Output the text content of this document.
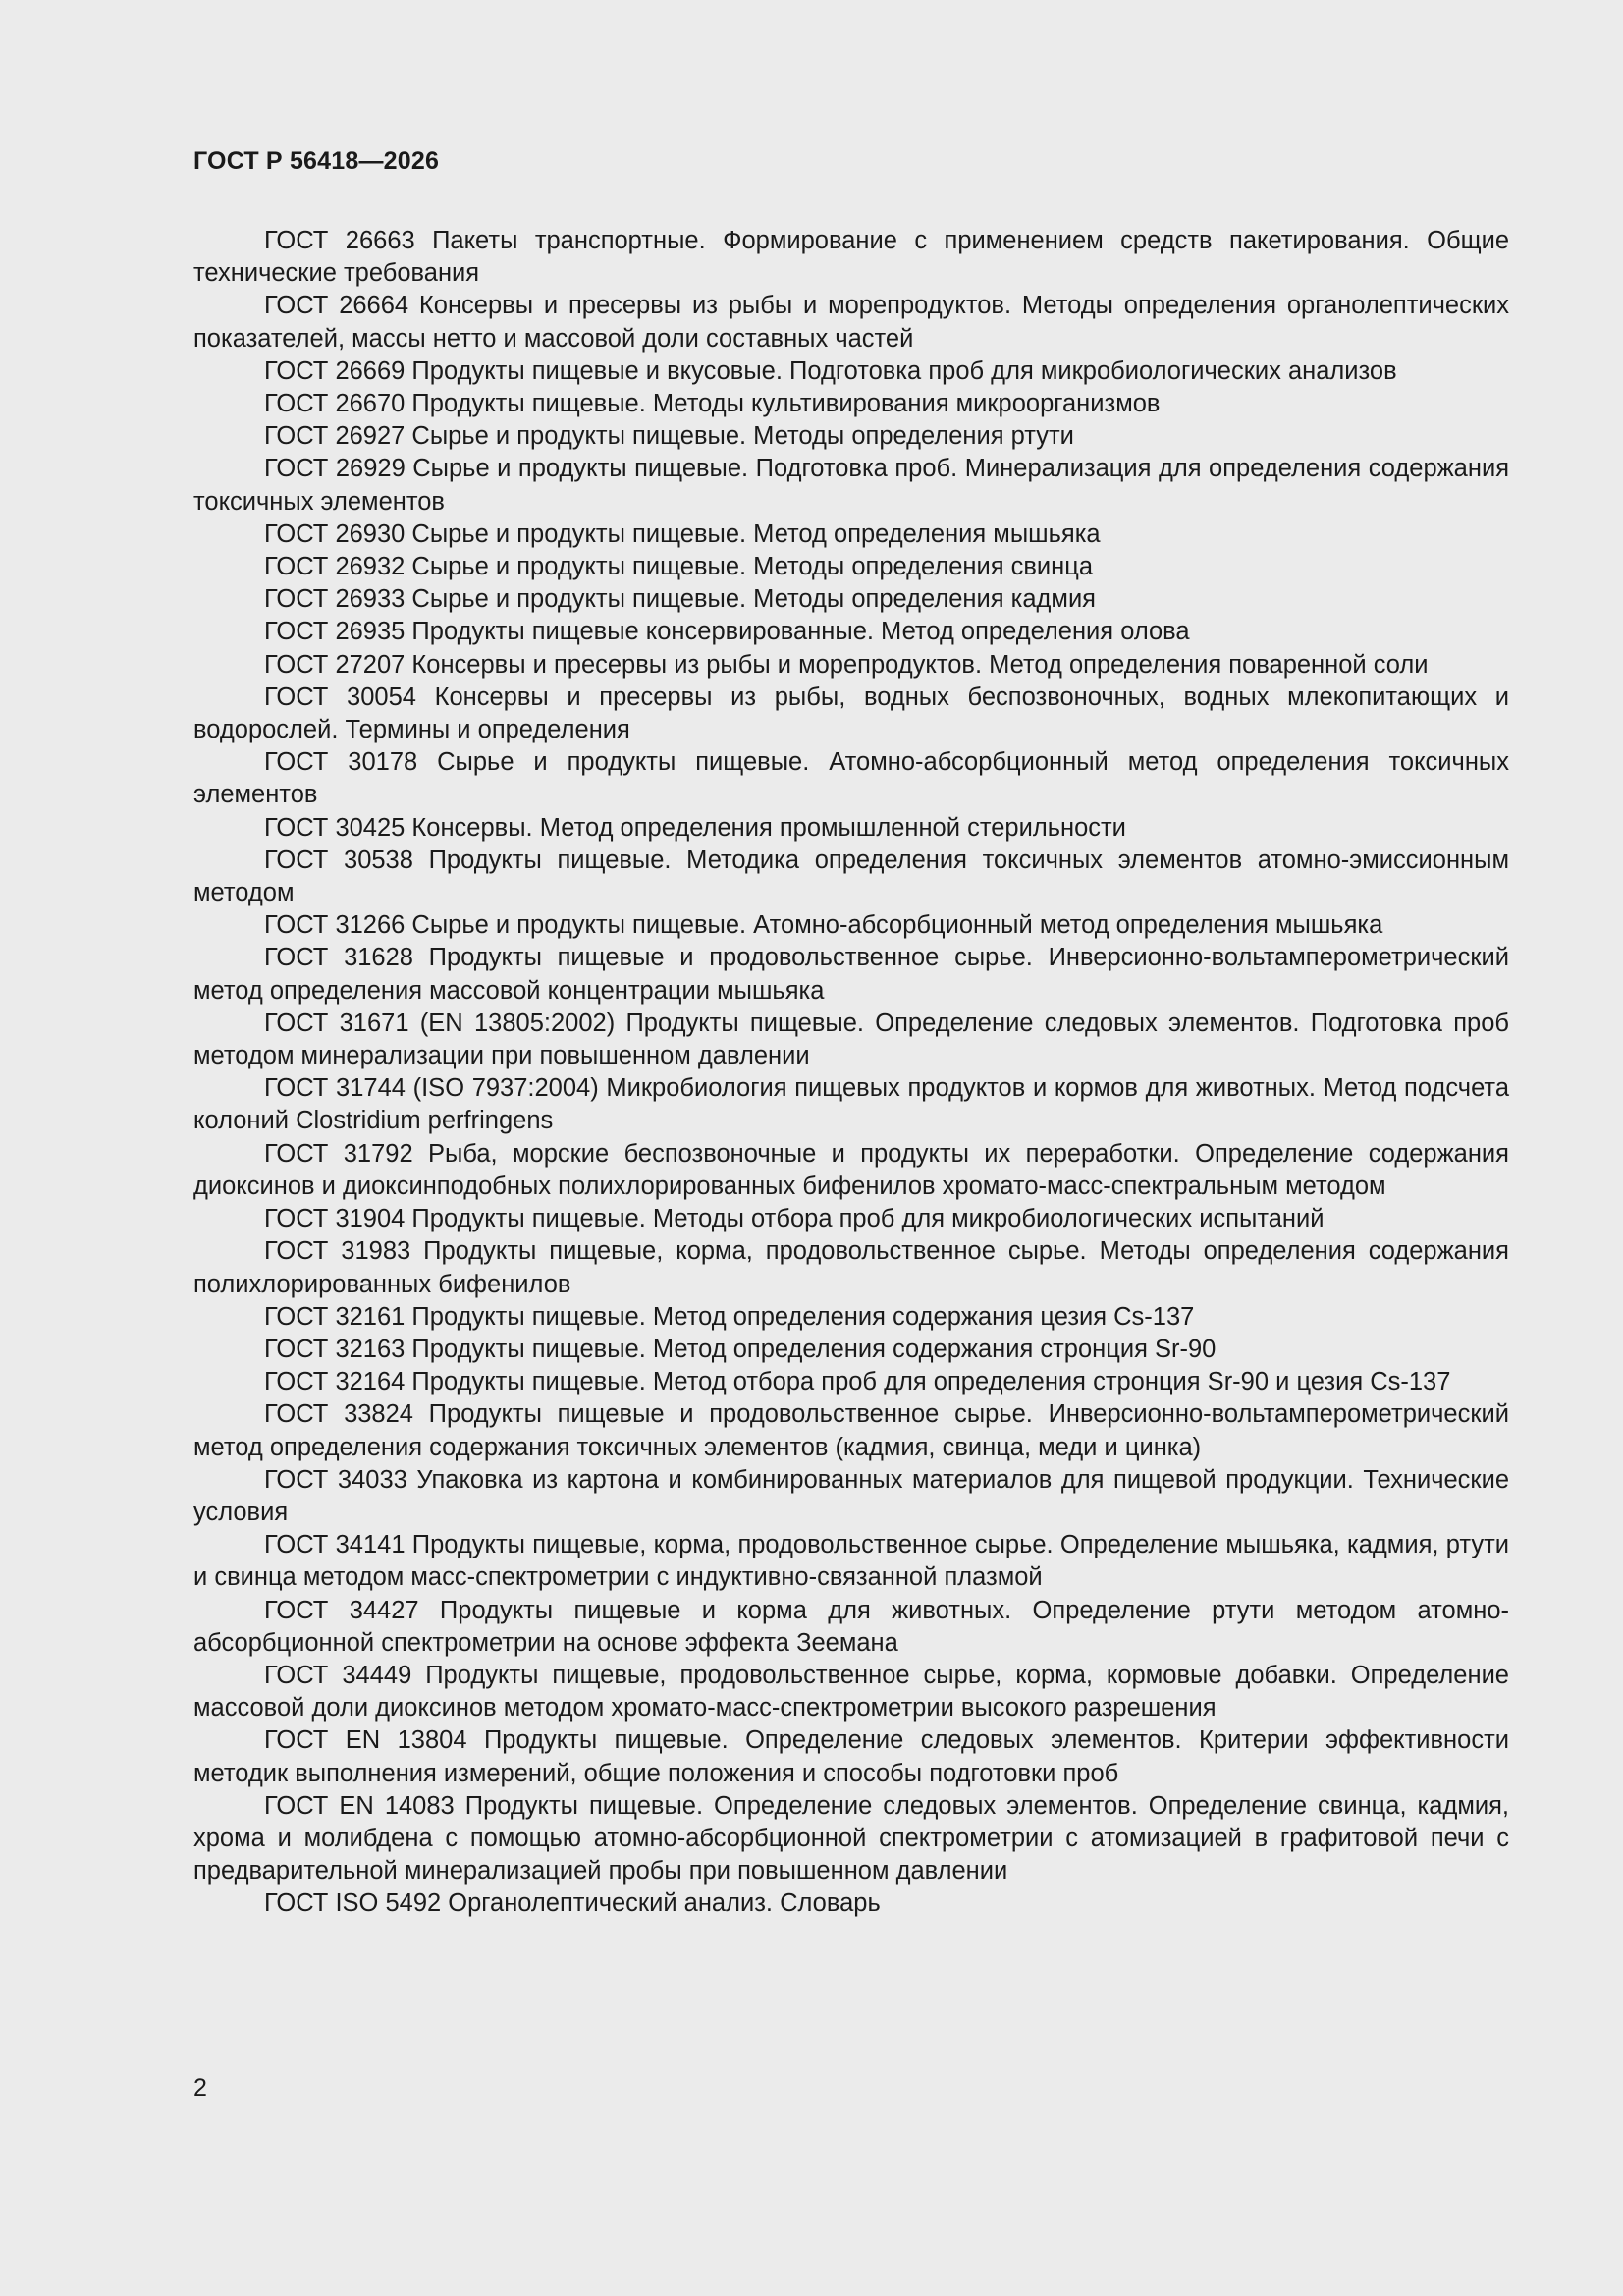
ГОСТ Р 56418—2026

ГОСТ 26663 Пакеты транспортные. Формирование с применением средств пакетирования. Общие технические требования

ГОСТ 26664 Консервы и пресервы из рыбы и морепродуктов. Методы определения органолептических показателей, массы нетто и массовой доли составных частей

ГОСТ 26669 Продукты пищевые и вкусовые. Подготовка проб для микробиологических анализов

ГОСТ 26670 Продукты пищевые. Методы культивирования микроорганизмов

ГОСТ 26927 Сырье и продукты пищевые. Методы определения ртути

ГОСТ 26929 Сырье и продукты пищевые. Подготовка проб. Минерализация для определения содержания токсичных элементов

ГОСТ 26930 Сырье и продукты пищевые. Метод определения мышьяка

ГОСТ 26932 Сырье и продукты пищевые. Методы определения свинца

ГОСТ 26933 Сырье и продукты пищевые. Методы определения кадмия

ГОСТ 26935 Продукты пищевые консервированные. Метод определения олова

ГОСТ 27207 Консервы и пресервы из рыбы и морепродуктов. Метод определения поваренной соли

ГОСТ 30054 Консервы и пресервы из рыбы, водных беспозвоночных, водных млекопитающих и водорослей. Термины и определения

ГОСТ 30178 Сырье и продукты пищевые. Атомно-абсорбционный метод определения токсичных элементов

ГОСТ 30425 Консервы. Метод определения промышленной стерильности

ГОСТ 30538 Продукты пищевые. Методика определения токсичных элементов атомно-эмиссионным методом

ГОСТ 31266 Сырье и продукты пищевые. Атомно-абсорбционный метод определения мышьяка

ГОСТ 31628 Продукты пищевые и продовольственное сырье. Инверсионно-вольтамперометрический метод определения массовой концентрации мышьяка

ГОСТ 31671 (EN 13805:2002) Продукты пищевые. Определение следовых элементов. Подготовка проб методом минерализации при повышенном давлении

ГОСТ 31744 (ISO 7937:2004) Микробиология пищевых продуктов и кормов для животных. Метод подсчета колоний Clostridium perfringens

ГОСТ 31792 Рыба, морские беспозвоночные и продукты их переработки. Определение содержания диоксинов и диоксинподобных полихлорированных бифенилов хромато-масс-спектральным методом

ГОСТ 31904 Продукты пищевые. Методы отбора проб для микробиологических испытаний

ГОСТ 31983 Продукты пищевые, корма, продовольственное сырье. Методы определения содержания полихлорированных бифенилов

ГОСТ 32161 Продукты пищевые. Метод определения содержания цезия Cs-137

ГОСТ 32163 Продукты пищевые. Метод определения содержания стронция Sr-90

ГОСТ 32164 Продукты пищевые. Метод отбора проб для определения стронция Sr-90 и цезия Cs-137

ГОСТ 33824 Продукты пищевые и продовольственное сырье. Инверсионно-вольтамперометрический метод определения содержания токсичных элементов (кадмия, свинца, меди и цинка)

ГОСТ 34033 Упаковка из картона и комбинированных материалов для пищевой продукции. Технические условия

ГОСТ 34141 Продукты пищевые, корма, продовольственное сырье. Определение мышьяка, кадмия, ртути и свинца методом масс-спектрометрии с индуктивно-связанной плазмой

ГОСТ 34427 Продукты пищевые и корма для животных. Определение ртути методом атомно-абсорбционной спектрометрии на основе эффекта Зеемана

ГОСТ 34449 Продукты пищевые, продовольственное сырье, корма, кормовые добавки. Определение массовой доли диоксинов методом хромато-масс-спектрометрии высокого разрешения

ГОСТ EN 13804 Продукты пищевые. Определение следовых элементов. Критерии эффективности методик выполнения измерений, общие положения и способы подготовки проб

ГОСТ EN 14083 Продукты пищевые. Определение следовых элементов. Определение свинца, кадмия, хрома и молибдена с помощью атомно-абсорбционной спектрометрии с атомизацией в графитовой печи с предварительной минерализацией пробы при повышенном давлении

ГОСТ ISO 5492 Органолептический анализ. Словарь

2
